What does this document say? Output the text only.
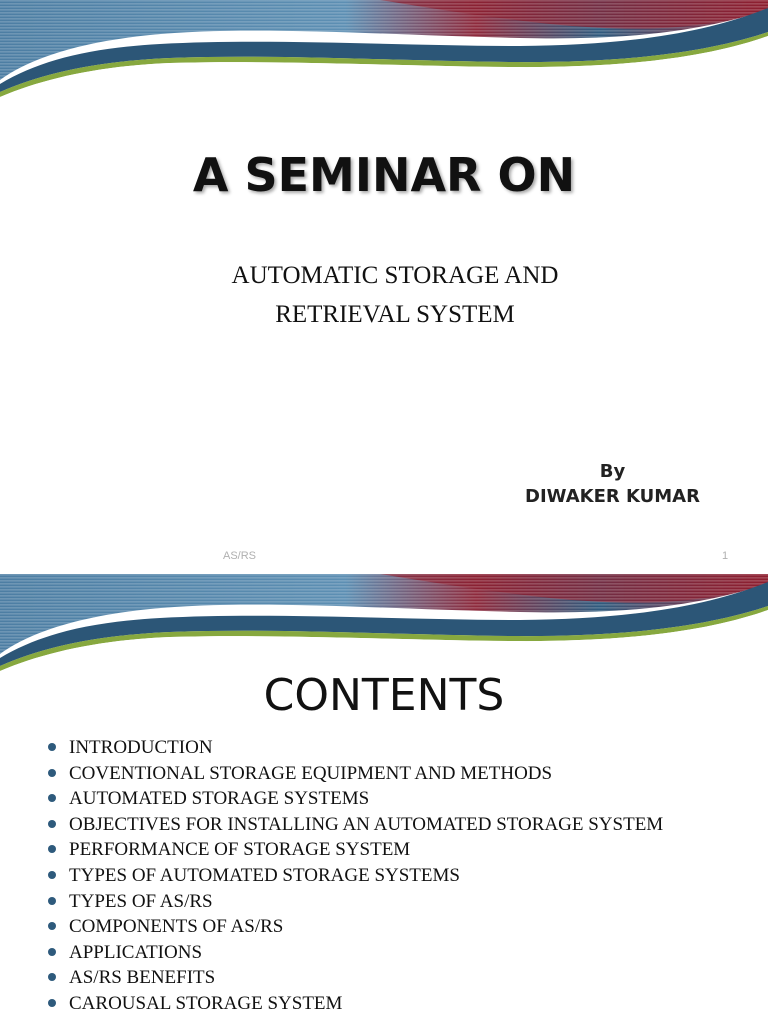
A SEMINAR ON
AUTOMATIC STORAGE AND
RETRIEVAL SYSTEM
By
DIWAKER KUMAR
AS/RS	1
CONTENTS
INTRODUCTION
COVENTIONAL STORAGE EQUIPMENT AND METHODS
AUTOMATED STORAGE SYSTEMS
OBJECTIVES FOR INSTALLING AN AUTOMATED STORAGE SYSTEM
PERFORMANCE OF STORAGE SYSTEM
TYPES OF AUTOMATED STORAGE SYSTEMS
TYPES OF AS/RS
COMPONENTS OF AS/RS
APPLICATIONS
AS/RS BENEFITS
CAROUSAL STORAGE SYSTEM
